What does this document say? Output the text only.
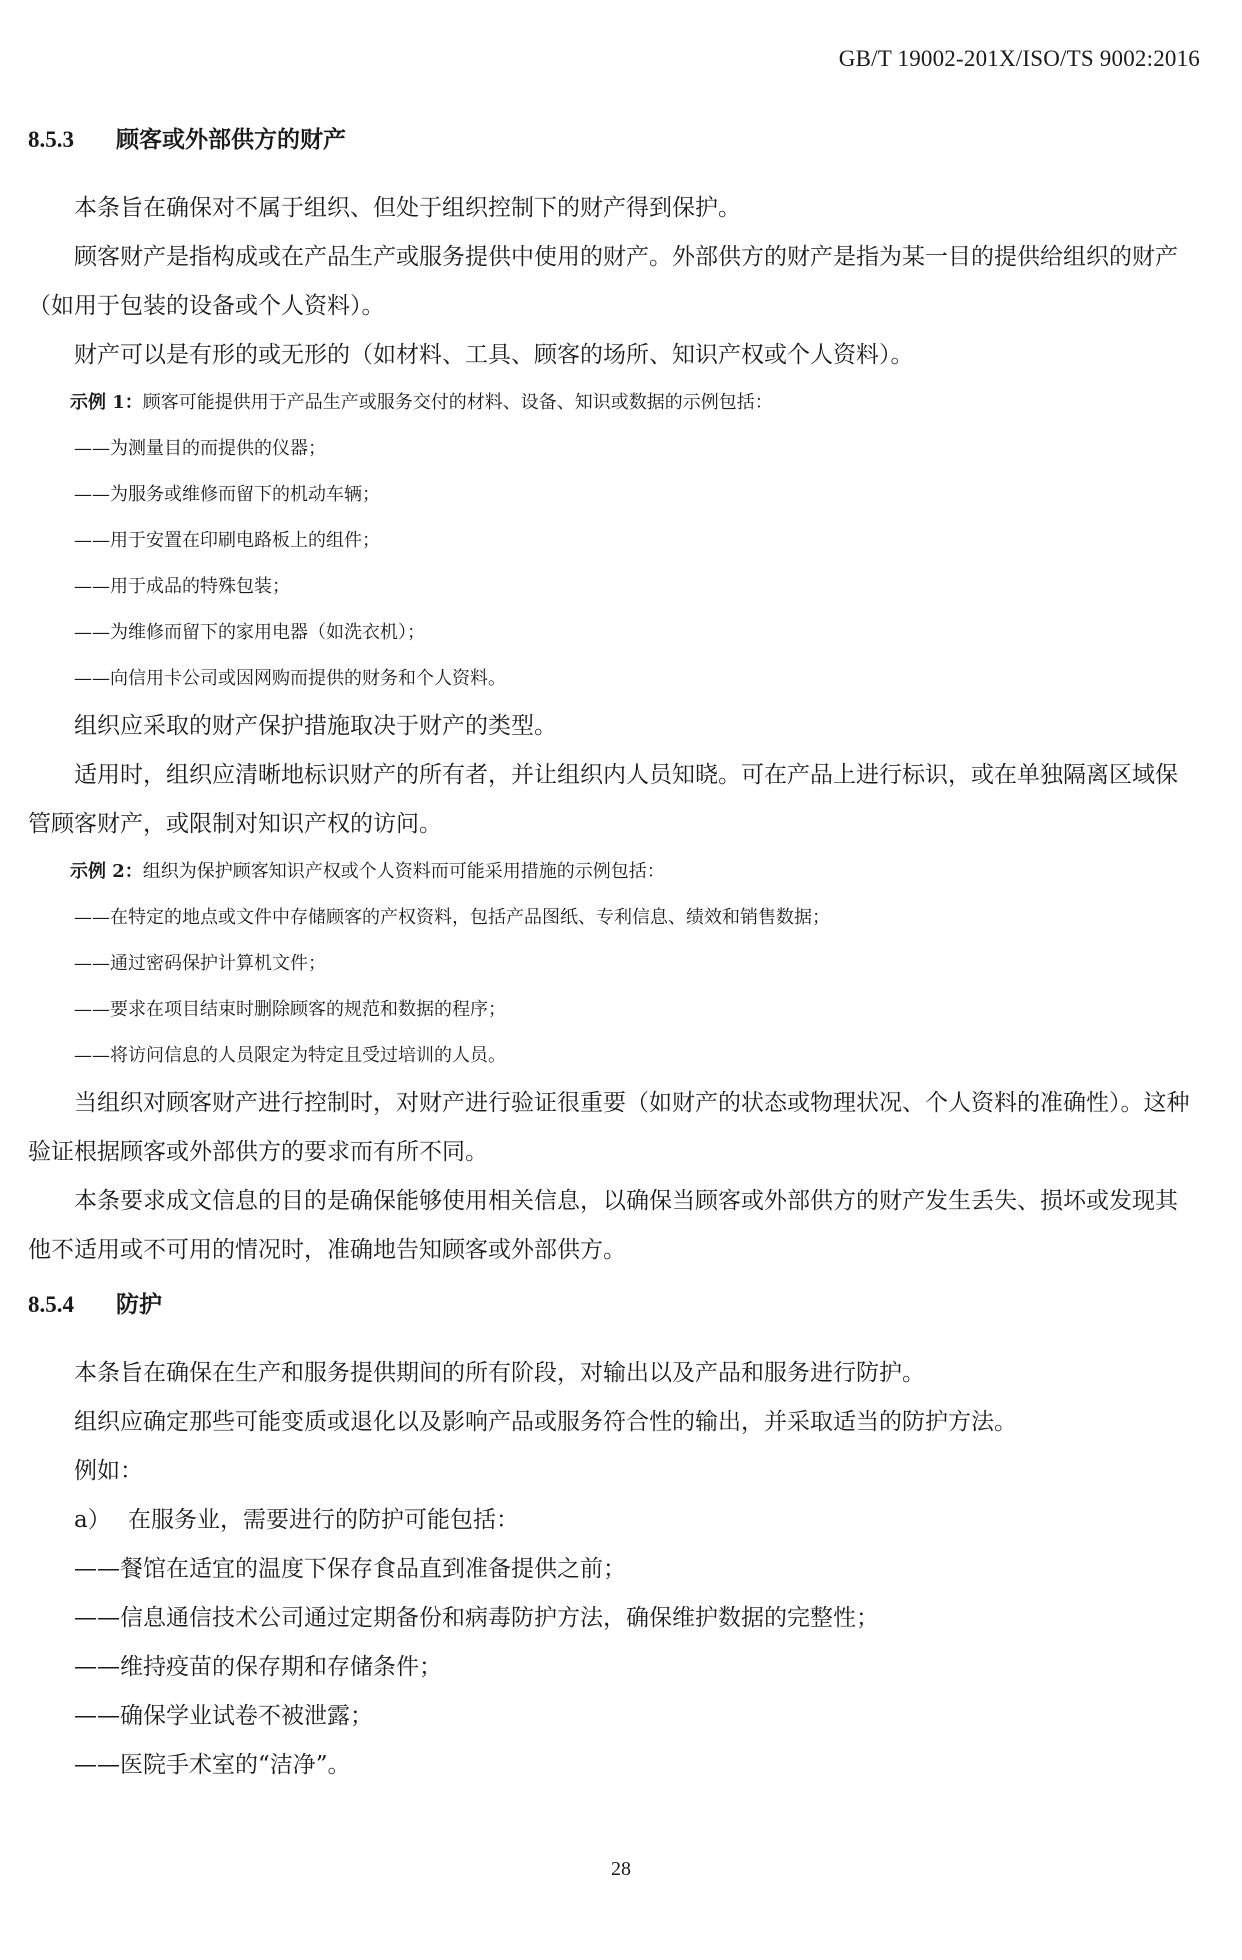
GB/T 19002-201X/ISO/TS 9002:2016
8.5.3 顾客或外部供方的财产

本条旨在确保对不属于组织、但处于组织控制下的财产得到保护。

顾客财产是指构成或在产品生产或服务提供中使用的财产。外部供方的财产是指为某一目的提供给组织的财产（如用于包装的设备或个人资料）。

财产可以是有形的或无形的（如材料、工具、顾客的场所、知识产权或个人资料）。

示例 1：顾客可能提供用于产品生产或服务交付的材料、设备、知识或数据的示例包括：

——为测量目的而提供的仪器；

——为服务或维修而留下的机动车辆；

——用于安置在印刷电路板上的组件；

——用于成品的特殊包装；

——为维修而留下的家用电器（如洗衣机）；

——向信用卡公司或因网购而提供的财务和个人资料。

组织应采取的财产保护措施取决于财产的类型。

适用时，组织应清晰地标识财产的所有者，并让组织内人员知晓。可在产品上进行标识，或在单独隔离区域保管顾客财产，或限制对知识产权的访问。

示例 2：组织为保护顾客知识产权或个人资料而可能采用措施的示例包括：

——在特定的地点或文件中存储顾客的产权资料，包括产品图纸、专利信息、绩效和销售数据；

——通过密码保护计算机文件；

——要求在项目结束时删除顾客的规范和数据的程序；

——将访问信息的人员限定为特定且受过培训的人员。

当组织对顾客财产进行控制时，对财产进行验证很重要（如财产的状态或物理状况、个人资料的准确性）。这种验证根据顾客或外部供方的要求而有所不同。

本条要求成文信息的目的是确保能够使用相关信息，以确保当顾客或外部供方的财产发生丢失、损坏或发现其他不适用或不可用的情况时，准确地告知顾客或外部供方。

8.5.4 防护

本条旨在确保在生产和服务提供期间的所有阶段，对输出以及产品和服务进行防护。

组织应确定那些可能变质或退化以及影响产品或服务符合性的输出，并采取适当的防护方法。

例如：

a） 在服务业，需要进行的防护可能包括：

——餐馆在适宜的温度下保存食品直到准备提供之前；

——信息通信技术公司通过定期备份和病毒防护方法，确保维护数据的完整性；

——维持疫苗的保存期和存储条件；

——确保学业试卷不被泄露；

——医院手术室的“洁净”。

28
